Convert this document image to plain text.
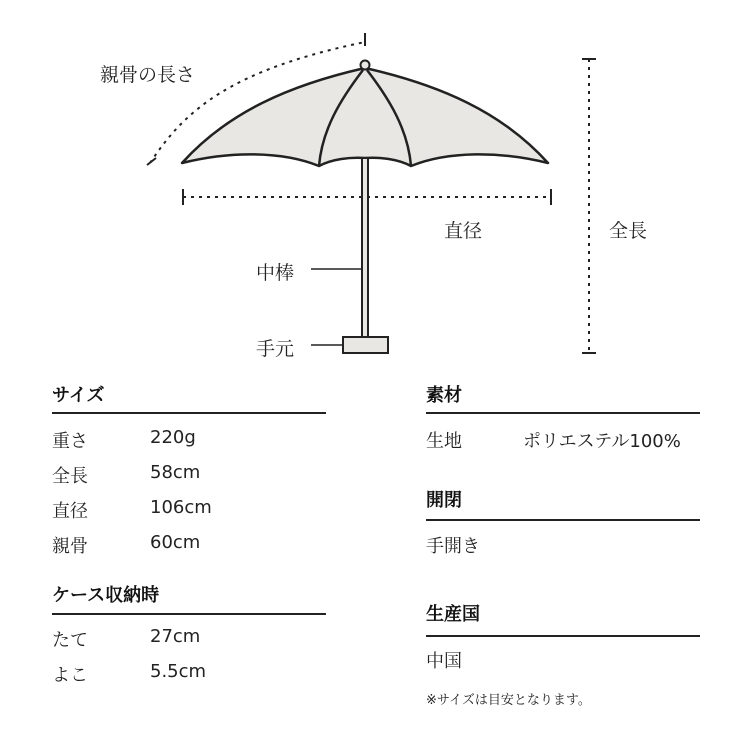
親骨の長さ
直径	全長
中棒
手元
サイズ
重さ	220g
全長	58cm
直径	106cm
親骨	60cm
ケース収納時
たて	27cm
よこ	5.5cm
素材
生地	ポリエステル100%
開閉
手開き
生産国
中国
※サイズは目安となります。
